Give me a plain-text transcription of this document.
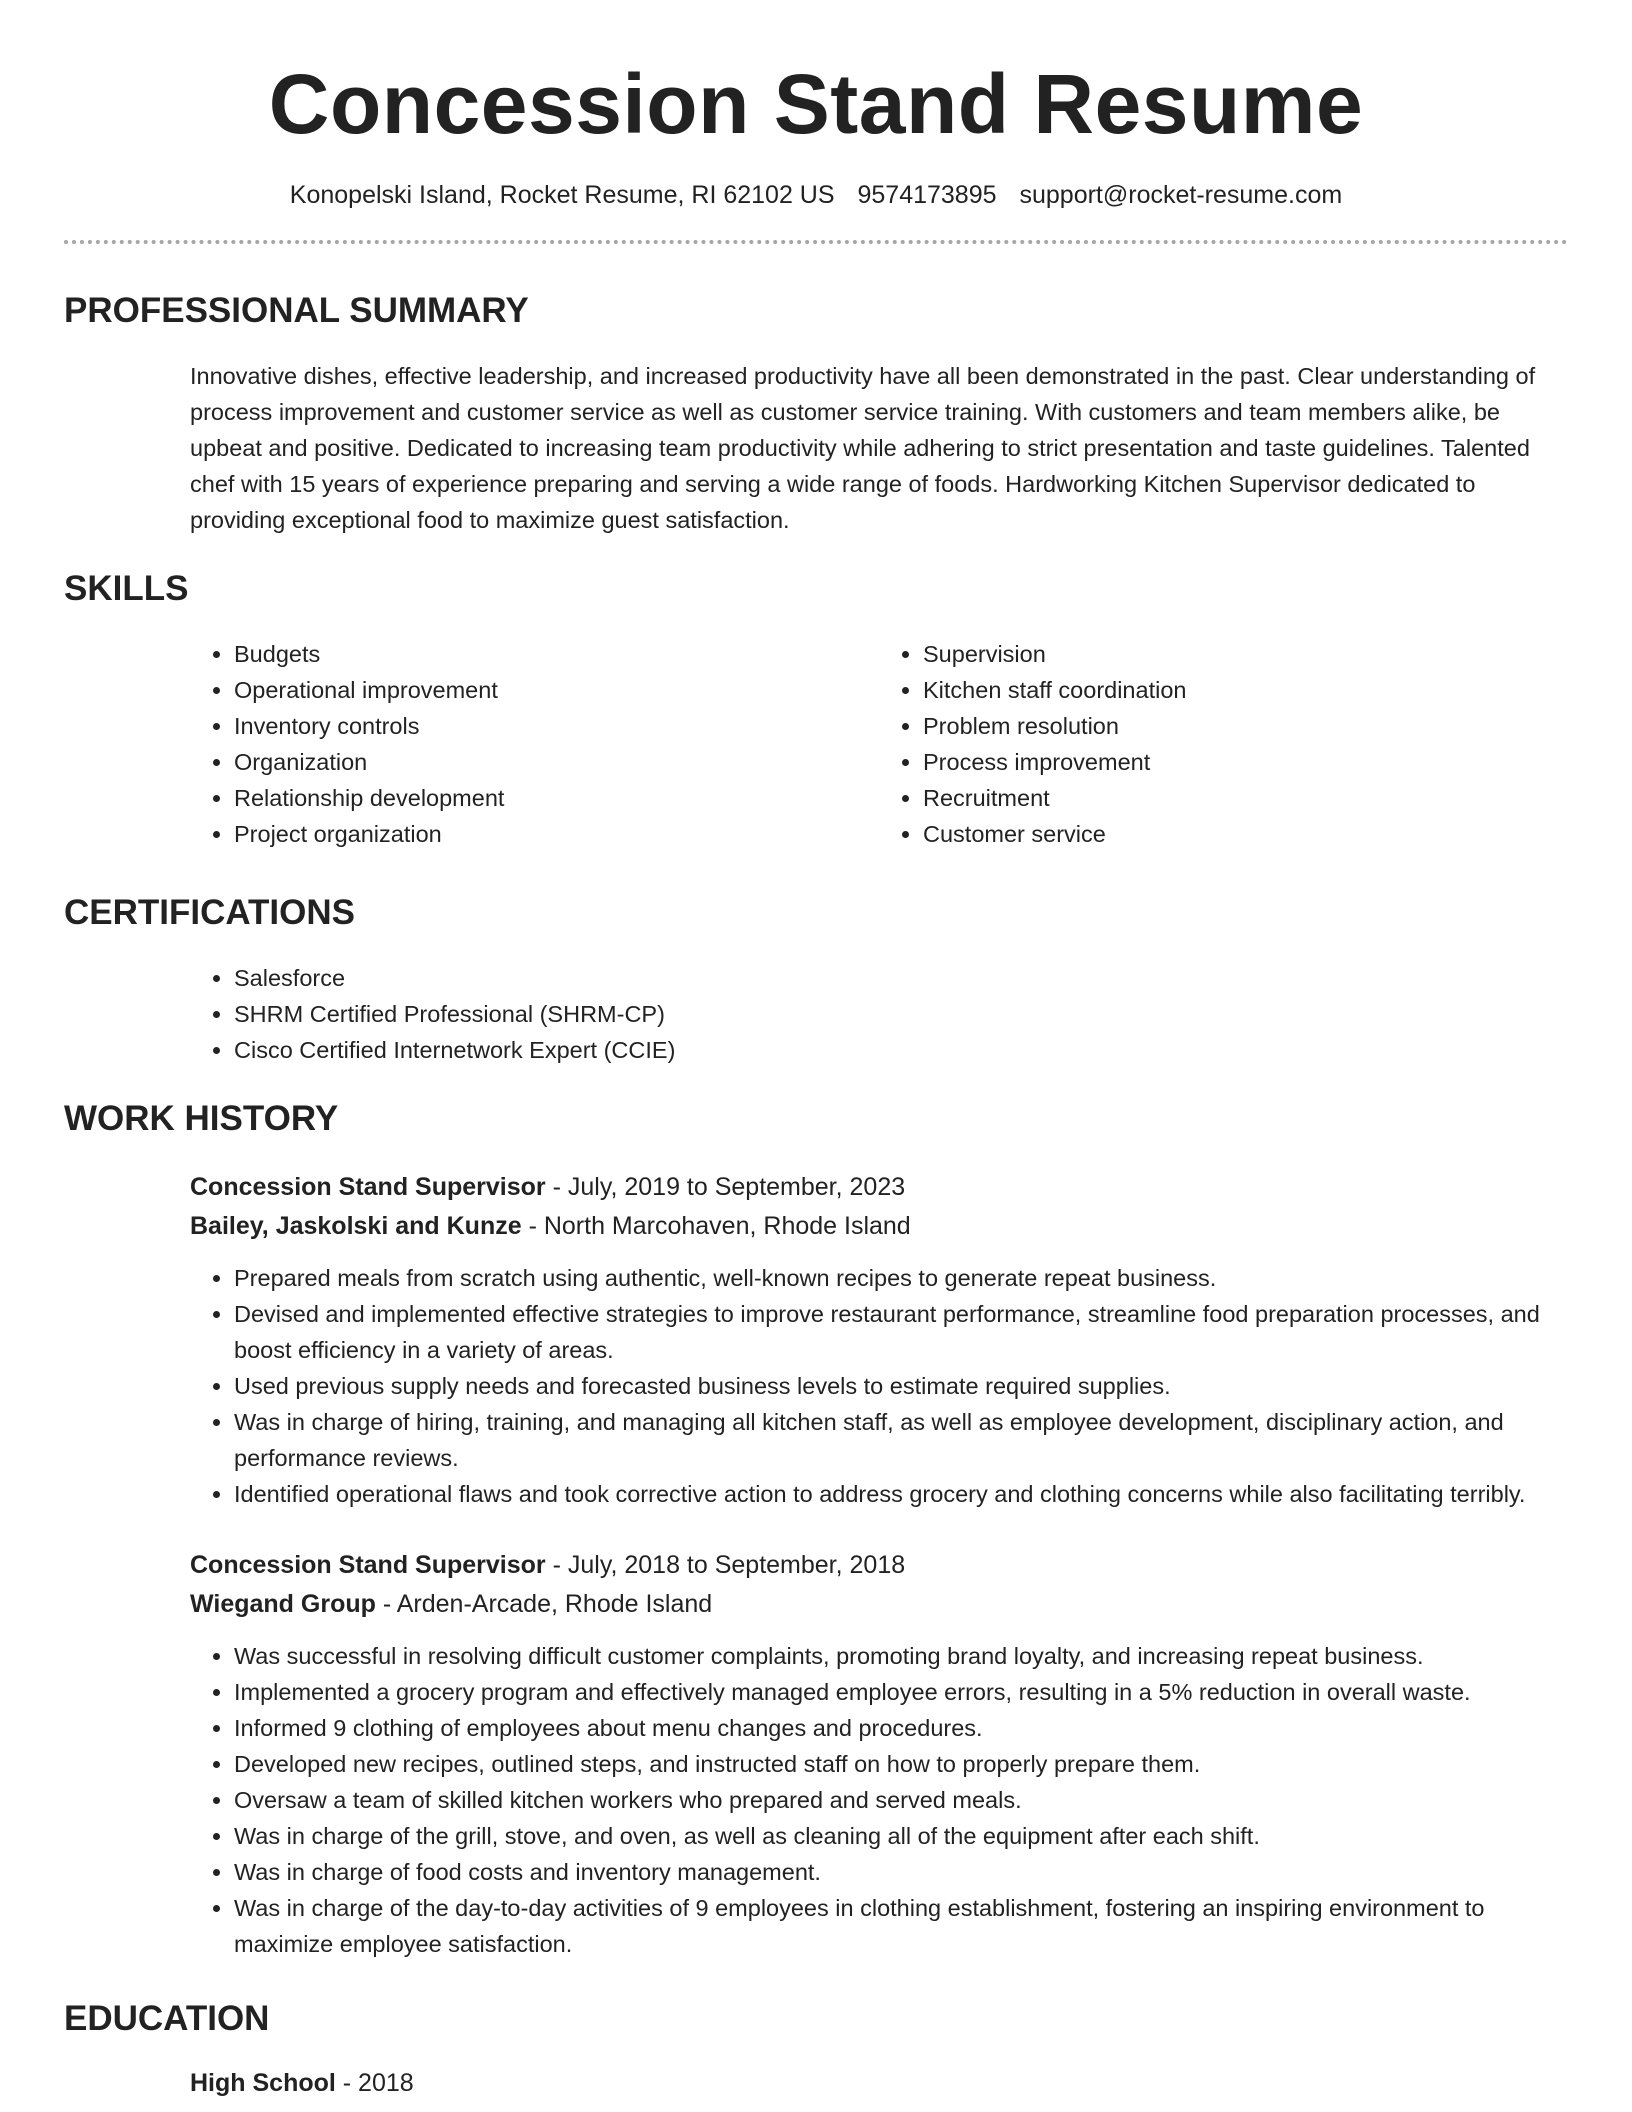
Concession Stand Resume
Konopelski Island, Rocket Resume, RI 62102 US 9574173895 support@rocket-resume.com
PROFESSIONAL SUMMARY
Innovative dishes, effective leadership, and increased productivity have all been demonstrated in the past. Clear understanding of process improvement and customer service as well as customer service training. With customers and team members alike, be upbeat and positive. Dedicated to increasing team productivity while adhering to strict presentation and taste guidelines. Talented chef with 15 years of experience preparing and serving a wide range of foods. Hardworking Kitchen Supervisor dedicated to providing exceptional food to maximize guest satisfaction.
SKILLS
• Budgets
• Operational improvement
• Inventory controls
• Organization
• Relationship development
• Project organization
• Supervision
• Kitchen staff coordination
• Problem resolution
• Process improvement
• Recruitment
• Customer service
CERTIFICATIONS
• Salesforce
• SHRM Certified Professional (SHRM-CP)
• Cisco Certified Internetwork Expert (CCIE)
WORK HISTORY
Concession Stand Supervisor - July, 2019 to September, 2023
Bailey, Jaskolski and Kunze - North Marcohaven, Rhode Island
• Prepared meals from scratch using authentic, well-known recipes to generate repeat business.
• Devised and implemented effective strategies to improve restaurant performance, streamline food preparation processes, and boost efficiency in a variety of areas.
• Used previous supply needs and forecasted business levels to estimate required supplies.
• Was in charge of hiring, training, and managing all kitchen staff, as well as employee development, disciplinary action, and performance reviews.
• Identified operational flaws and took corrective action to address grocery and clothing concerns while also facilitating terribly.
Concession Stand Supervisor - July, 2018 to September, 2018
Wiegand Group - Arden-Arcade, Rhode Island
• Was successful in resolving difficult customer complaints, promoting brand loyalty, and increasing repeat business.
• Implemented a grocery program and effectively managed employee errors, resulting in a 5% reduction in overall waste.
• Informed 9 clothing of employees about menu changes and procedures.
• Developed new recipes, outlined steps, and instructed staff on how to properly prepare them.
• Oversaw a team of skilled kitchen workers who prepared and served meals.
• Was in charge of the grill, stove, and oven, as well as cleaning all of the equipment after each shift.
• Was in charge of food costs and inventory management.
• Was in charge of the day-to-day activities of 9 employees in clothing establishment, fostering an inspiring environment to maximize employee satisfaction.
EDUCATION
High School - 2018
